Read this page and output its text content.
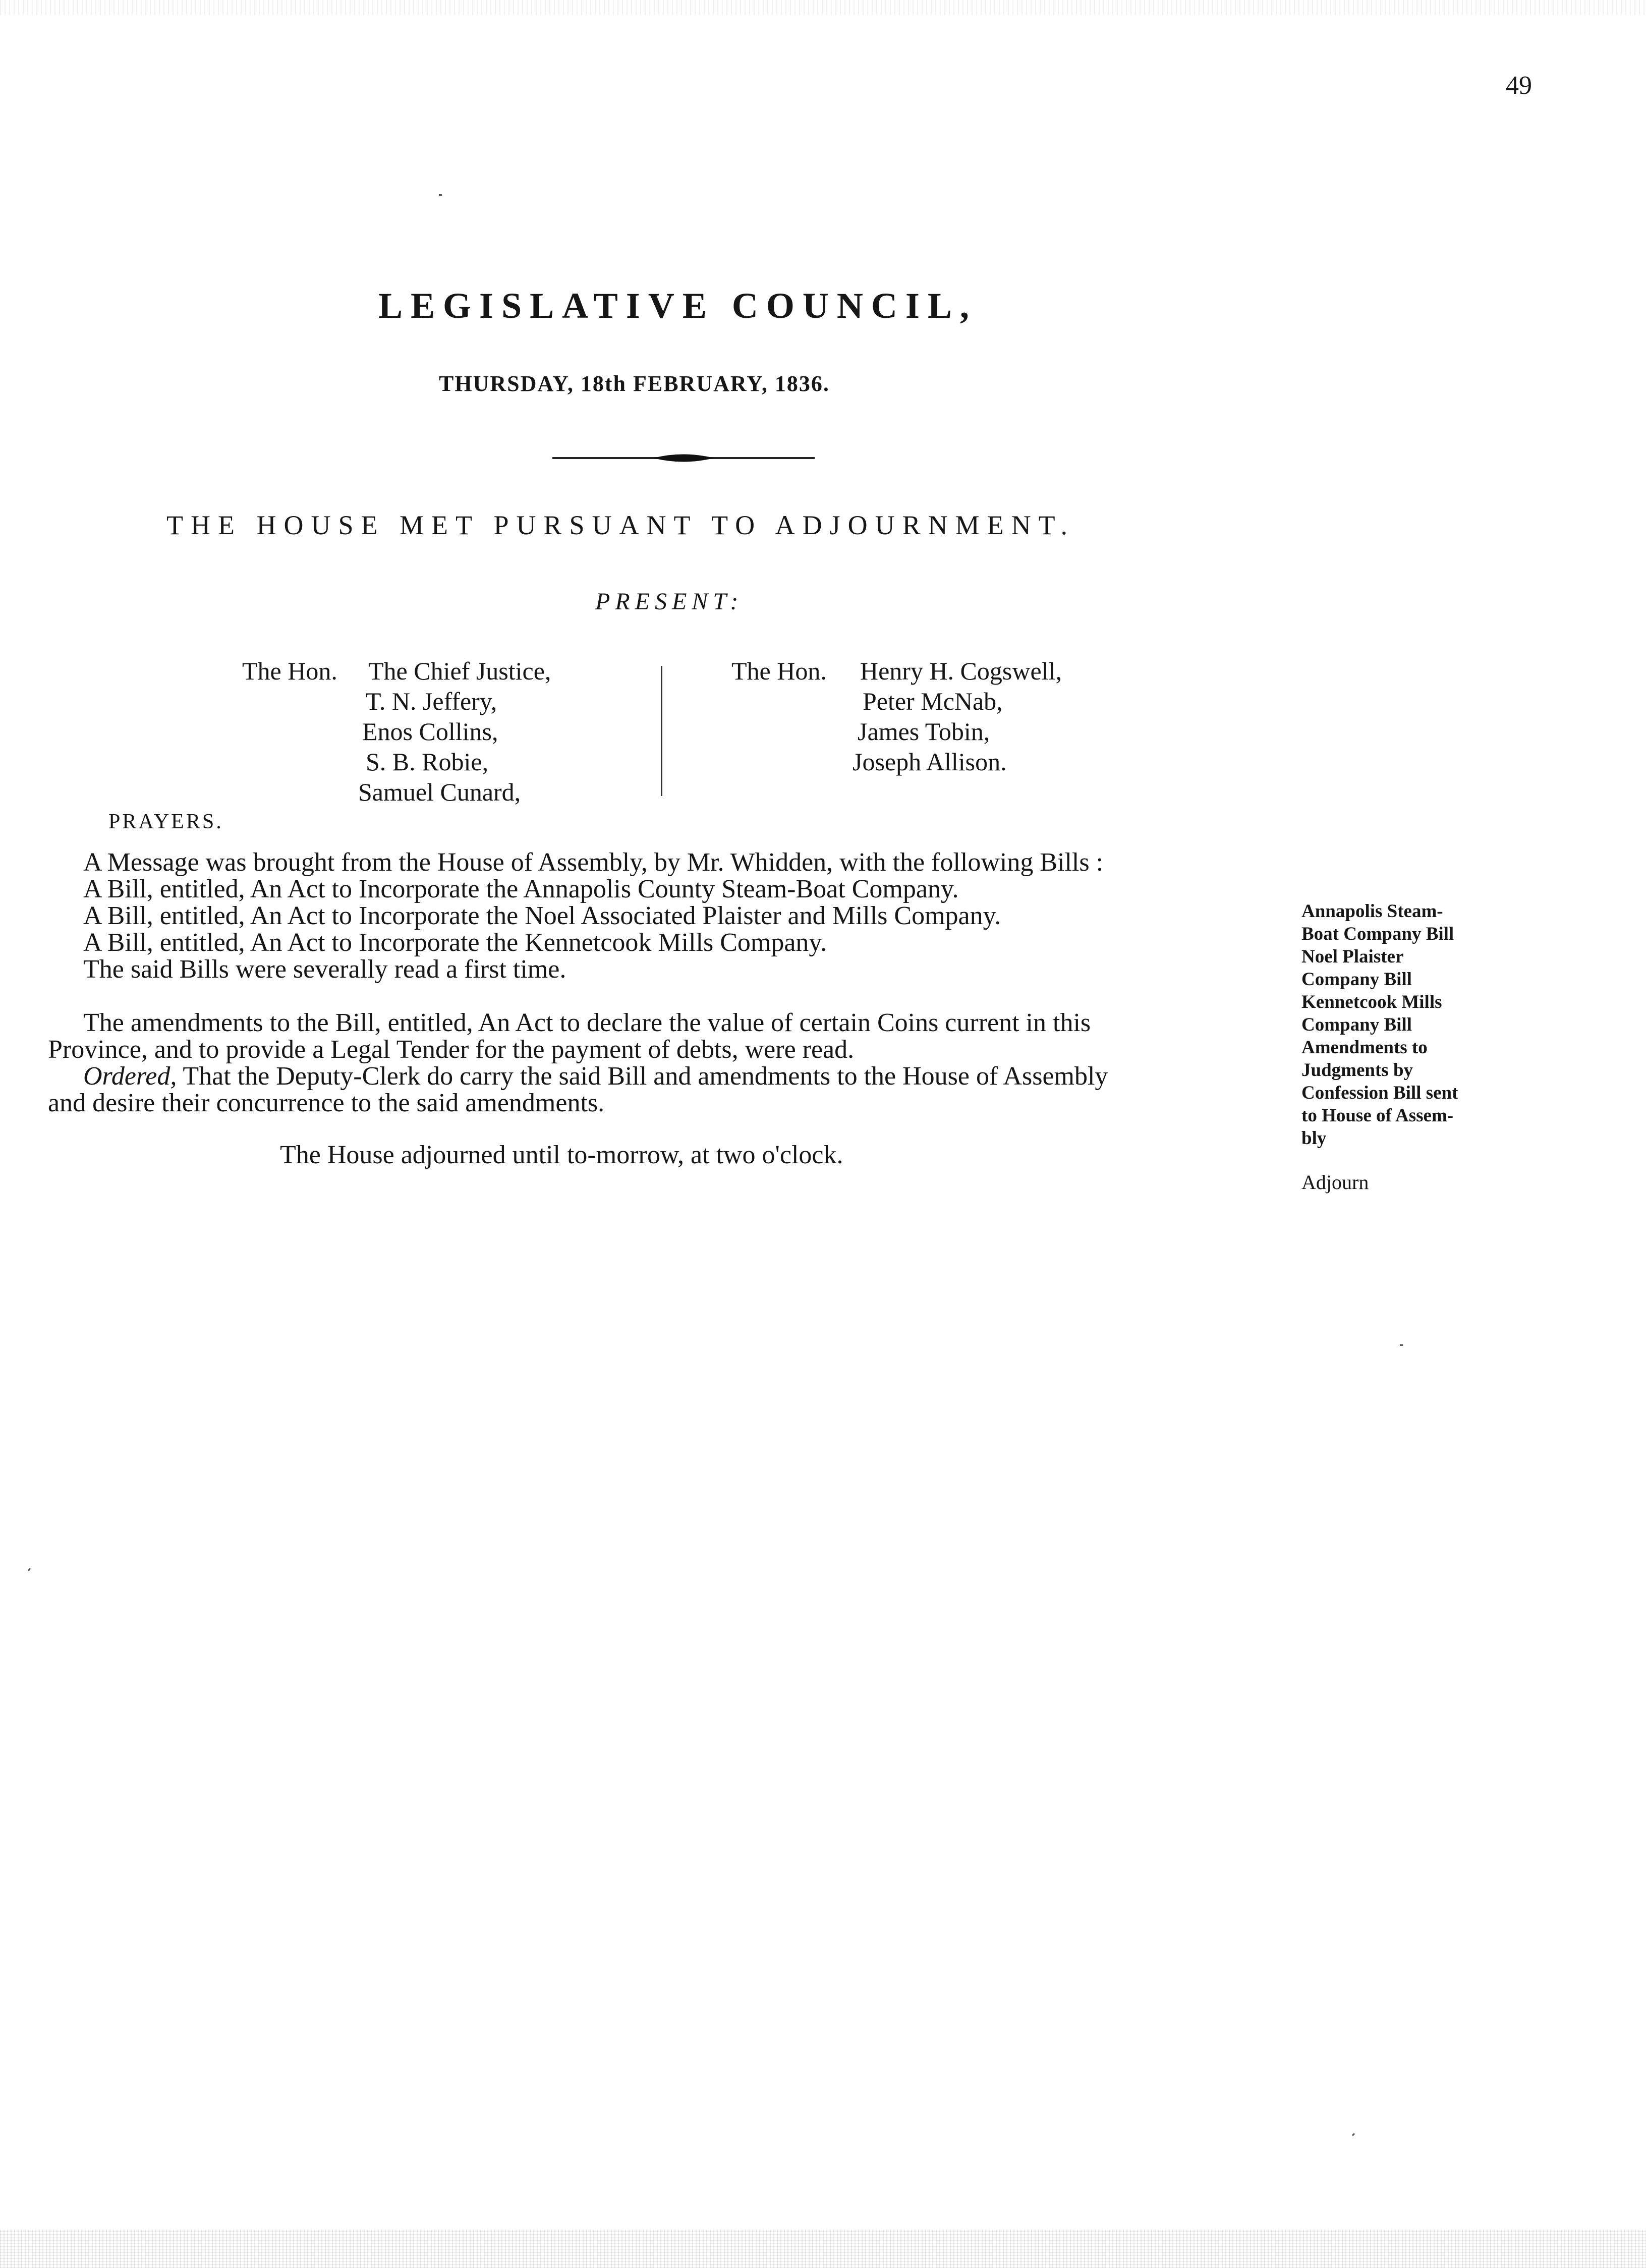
49
LEGISLATIVE COUNCIL,
THURSDAY, 18th FEBRUARY, 1836.
THE HOUSE MET PURSUANT TO ADJOURNMENT.
PRESENT:
The Hon. The Chief Justice,
T. N. Jeffery,
Enos Collins,
S. B. Robie,
Samuel Cunard,
The Hon. Henry H. Cogswell,
Peter McNab,
James Tobin,
Joseph Allison.
PRAYERS.
A Message was brought from the House of Assembly, by Mr. Whidden, with the following Bills :
A Bill, entitled, An Act to Incorporate the Annapolis County Steam-Boat Company.
A Bill, entitled, An Act to Incorporate the Noel Associated Plaister and Mills Company.
A Bill, entitled, An Act to Incorporate the Kennetcook Mills Company.
The said Bills were severally read a first time.
The amendments to the Bill, entitled, An Act to declare the value of certain Coins current in this
Province, and to provide a Legal Tender for the payment of debts, were read.
Ordered, That the Deputy-Clerk do carry the said Bill and amendments to the House of Assembly
and desire their concurrence to the said amendments.
The House adjourned until to-morrow, at two o'clock.
Annapolis Steam-
Boat Company Bill
Noel Plaister
Company Bill
Kennetcook Mills
Company Bill
Amendments to
Judgments by
Confession Bill sent
to House of Assem-
bly
Adjourn
